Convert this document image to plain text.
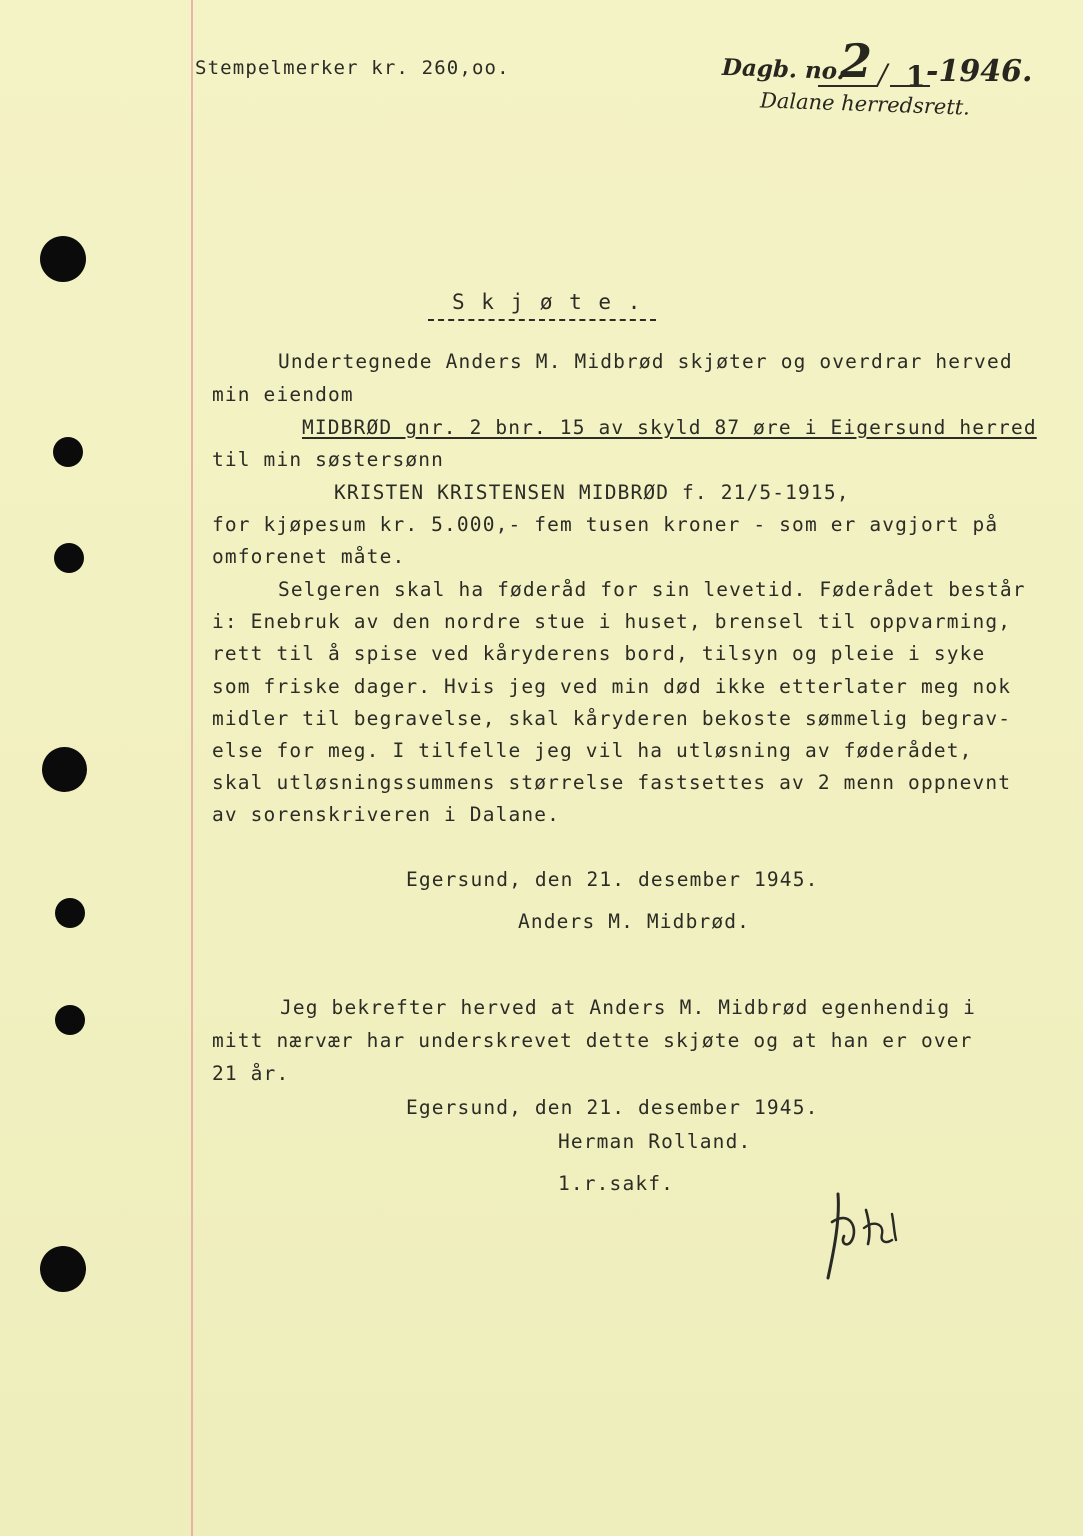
Stempelmerker kr. 260,oo.	Dagb. no.
2 / 1 -1946.
Dalane herredsrett.
S k j ø t e .
Undertegnede Anders M. Midbrød skjøter og overdrar herved
min eiendom
MIDBRØD gnr. 2 bnr. 15 av skyld 87 øre i Eigersund herred
til min søstersønn
KRISTEN KRISTENSEN MIDBRØD f. 21/5-1915,
for kjøpesum kr. 5.000,- fem tusen kroner - som er avgjort på
omforenet måte.
Selgeren skal ha føderåd for sin levetid. Føderådet består
i: Enebruk av den nordre stue i huset, brensel til oppvarming,
rett til å spise ved kåryderens bord, tilsyn og pleie i syke
som friske dager. Hvis jeg ved min død ikke etterlater meg nok
midler til begravelse, skal kåryderen bekoste sømmelig begrav-
else for meg. I tilfelle jeg vil ha utløsning av føderådet,
skal utløsningssummens størrelse fastsettes av 2 menn oppnevnt
av sorenskriveren i Dalane.
Egersund, den 21. desember 1945.
Anders M. Midbrød.
Jeg bekrefter herved at Anders M. Midbrød egenhendig i
mitt nærvær har underskrevet dette skjøte og at han er over
21 år.
Egersund, den 21. desember 1945.
Herman Rolland.
1.r.sakf.
